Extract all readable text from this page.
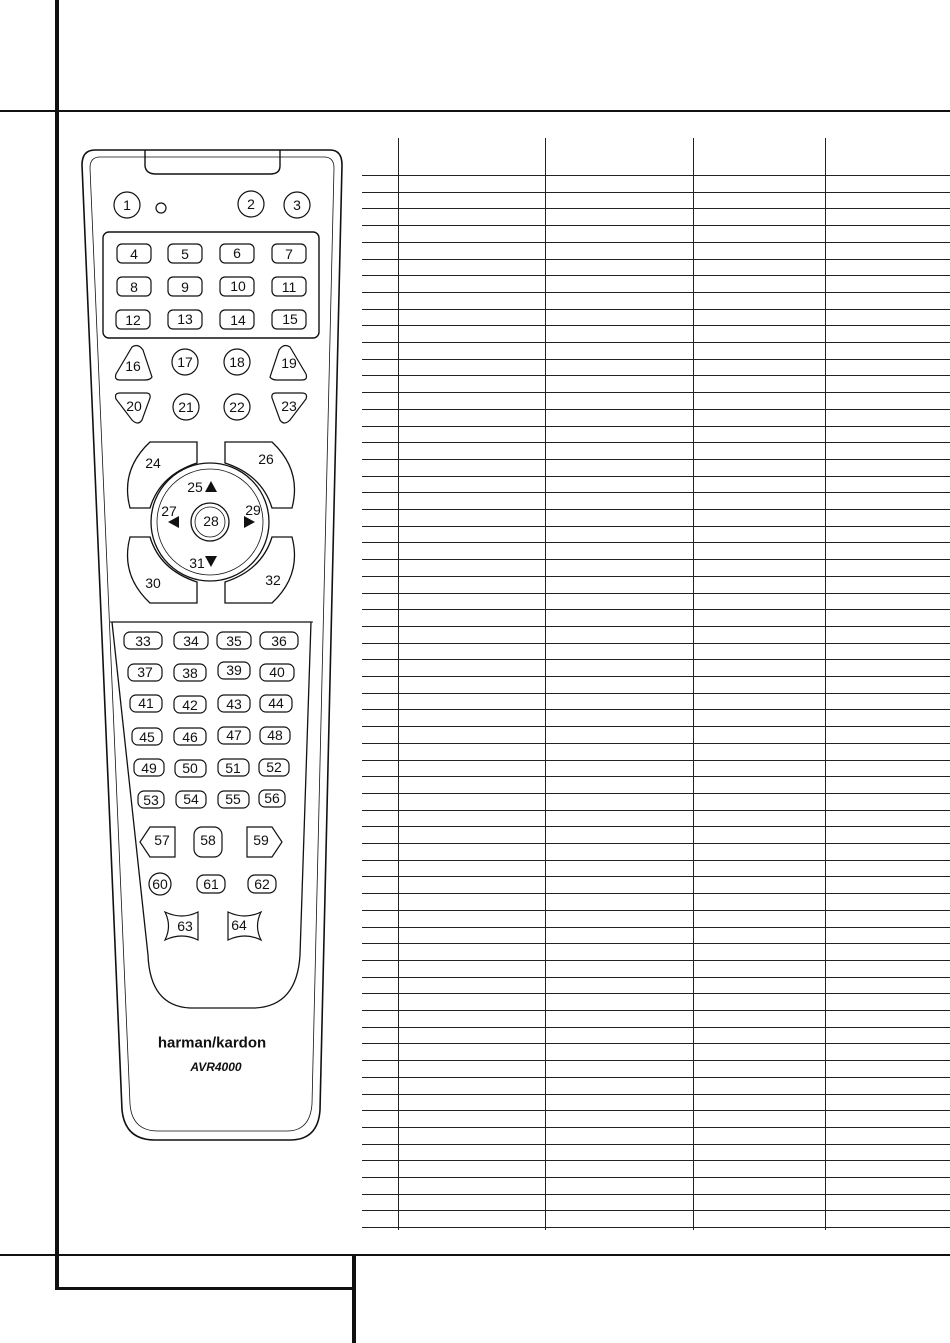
1	2	3
4	5	6	7
8	9	10	11
12	13	14	15
16	17	18	19
20	21	22	23
24
25
26
27
28
29
30
31
32
33 34 35 36
37 38 39 40
41 42 43 44
45 46 47 48
49 50 51 52
53 54 55 56
57 58	59
60	61	62
63	64
harman/kardon
AVR4000
